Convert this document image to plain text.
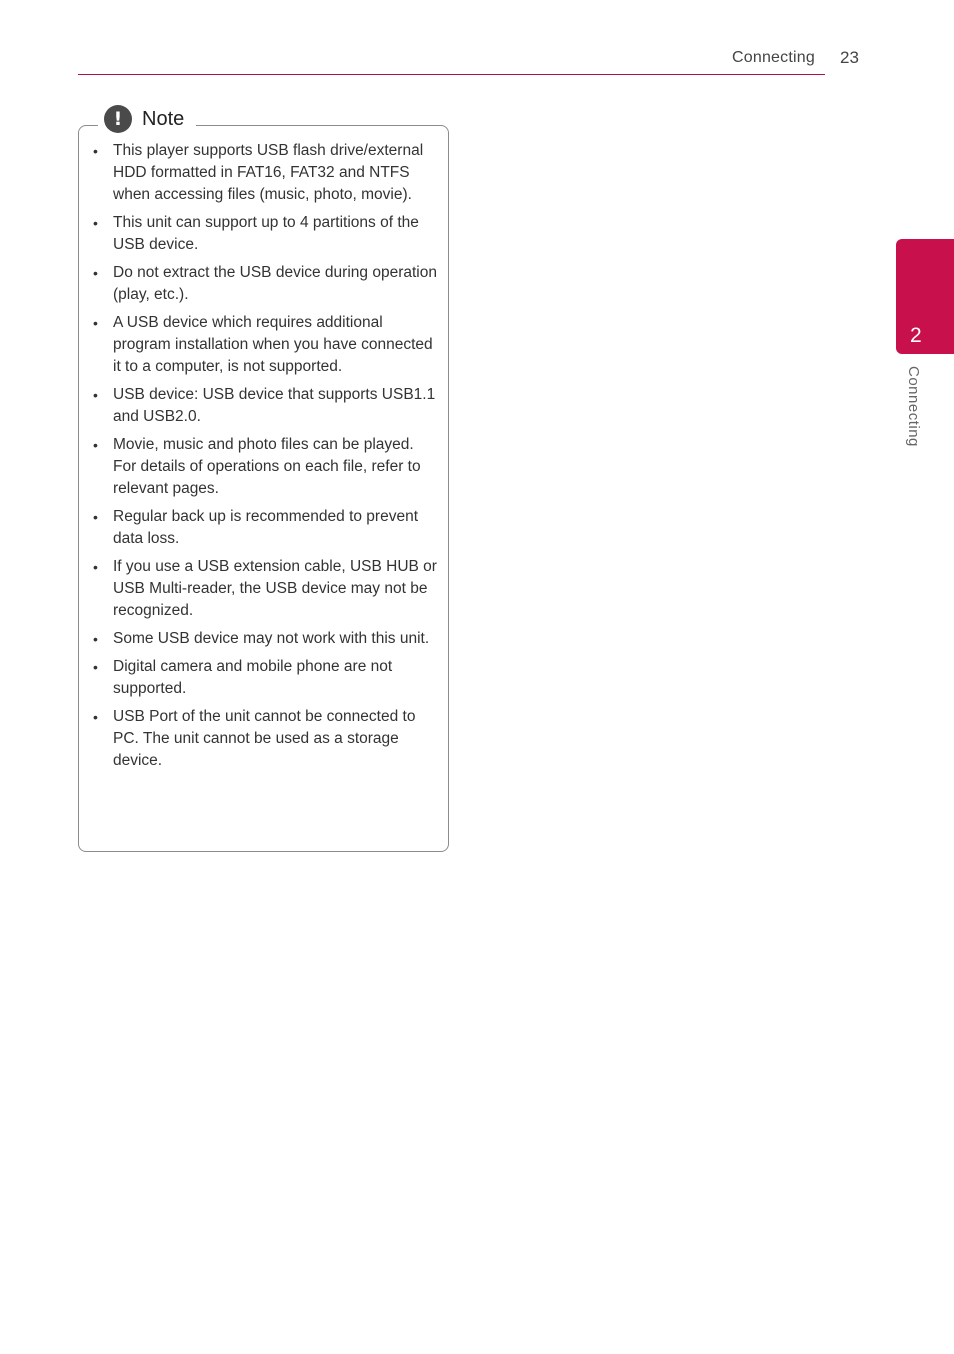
Connecting 23
! Note
• This player supports USB flash drive/external HDD formatted in FAT16, FAT32 and NTFS when accessing files (music, photo, movie).
• This unit can support up to 4 partitions of the USB device.
• Do not extract the USB device during operation (play, etc.).
• A USB device which requires additional program installation when you have connected it to a computer, is not supported.
• USB device: USB device that supports USB1.1 and USB2.0.
• Movie, music and photo files can be played. For details of operations on each file, refer to relevant pages.
• Regular back up is recommended to prevent data loss.
• If you use a USB extension cable, USB HUB or USB Multi-reader, the USB device may not be recognized.
• Some USB device may not work with this unit.
• Digital camera and mobile phone are not supported.
• USB Port of the unit cannot be connected to PC. The unit cannot be used as a storage device.
2
Connecting
